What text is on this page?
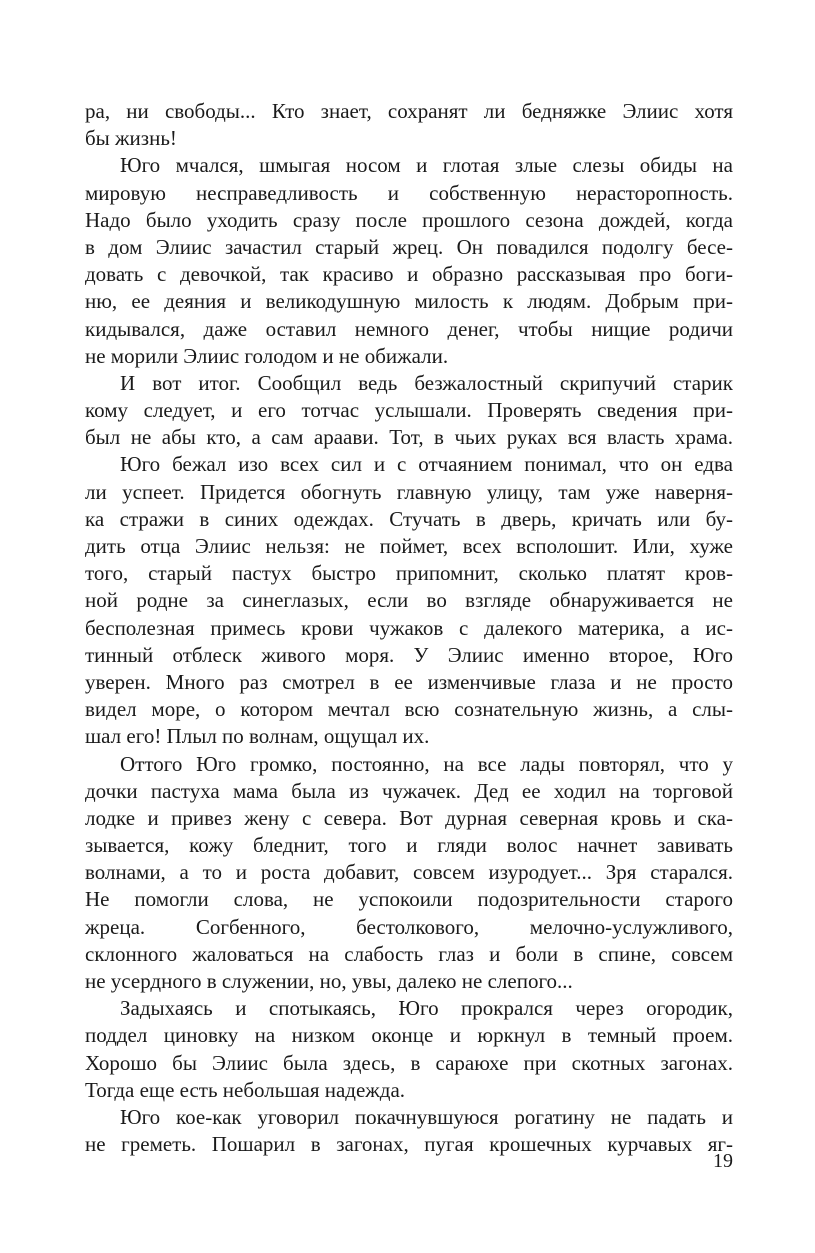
ра, ни свободы... Кто знает, сохранят ли бедняжке Элиис хотя
бы жизнь!

Юго мчался, шмыгая носом и глотая злые слезы обиды на
мировую несправедливость и собственную нерасторопность.
Надо было уходить сразу после прошлого сезона дождей, когда
в дом Элиис зачастил старый жрец. Он повадился подолгу бесе-
довать с девочкой, так красиво и образно рассказывая про боги-
ню, ее деяния и великодушную милость к людям. Добрым при-
кидывался, даже оставил немного денег, чтобы нищие родичи
не морили Элиис голодом и не обижали.

И вот итог. Сообщил ведь безжалостный скрипучий старик
кому следует, и его тотчас услышали. Проверять сведения при-
был не абы кто, а сам араави. Тот, в чьих руках вся власть храма.

Юго бежал изо всех сил и с отчаянием понимал, что он едва
ли успеет. Придется обогнуть главную улицу, там уже наверня-
ка стражи в синих одеждах. Стучать в дверь, кричать или бу-
дить отца Элиис нельзя: не поймет, всех всполошит. Или, хуже
того, старый пастух быстро припомнит, сколько платят кров-
ной родне за синеглазых, если во взгляде обнаруживается не
бесполезная примесь крови чужаков с далекого материка, а ис-
тинный отблеск живого моря. У Элиис именно второе, Юго
уверен. Много раз смотрел в ее изменчивые глаза и не просто
видел море, о котором мечтал всю сознательную жизнь, а слы-
шал его! Плыл по волнам, ощущал их.

Оттого Юго громко, постоянно, на все лады повторял, что у
дочки пастуха мама была из чужачек. Дед ее ходил на торговой
лодке и привез жену с севера. Вот дурная северная кровь и ска-
зывается, кожу бледнит, того и гляди волос начнет завивать
волнами, а то и роста добавит, совсем изуродует... Зря старался.
Не помогли слова, не успокоили подозрительности старого
жреца. Согбенного, бестолкового, мелочно-услужливого,
склонного жаловаться на слабость глаз и боли в спине, совсем
не усердного в служении, но, увы, далеко не слепого...

Задыхаясь и спотыкаясь, Юго прокрался через огородик,
поддел циновку на низком оконце и юркнул в темный проем.
Хорошо бы Элиис была здесь, в сараюхе при скотных загонах.
Тогда еще есть небольшая надежда.

Юго кое-как уговорил покачнувшуюся рогатину не падать и
не греметь. Пошарил в загонах, пугая крошечных курчавых яг-

19
